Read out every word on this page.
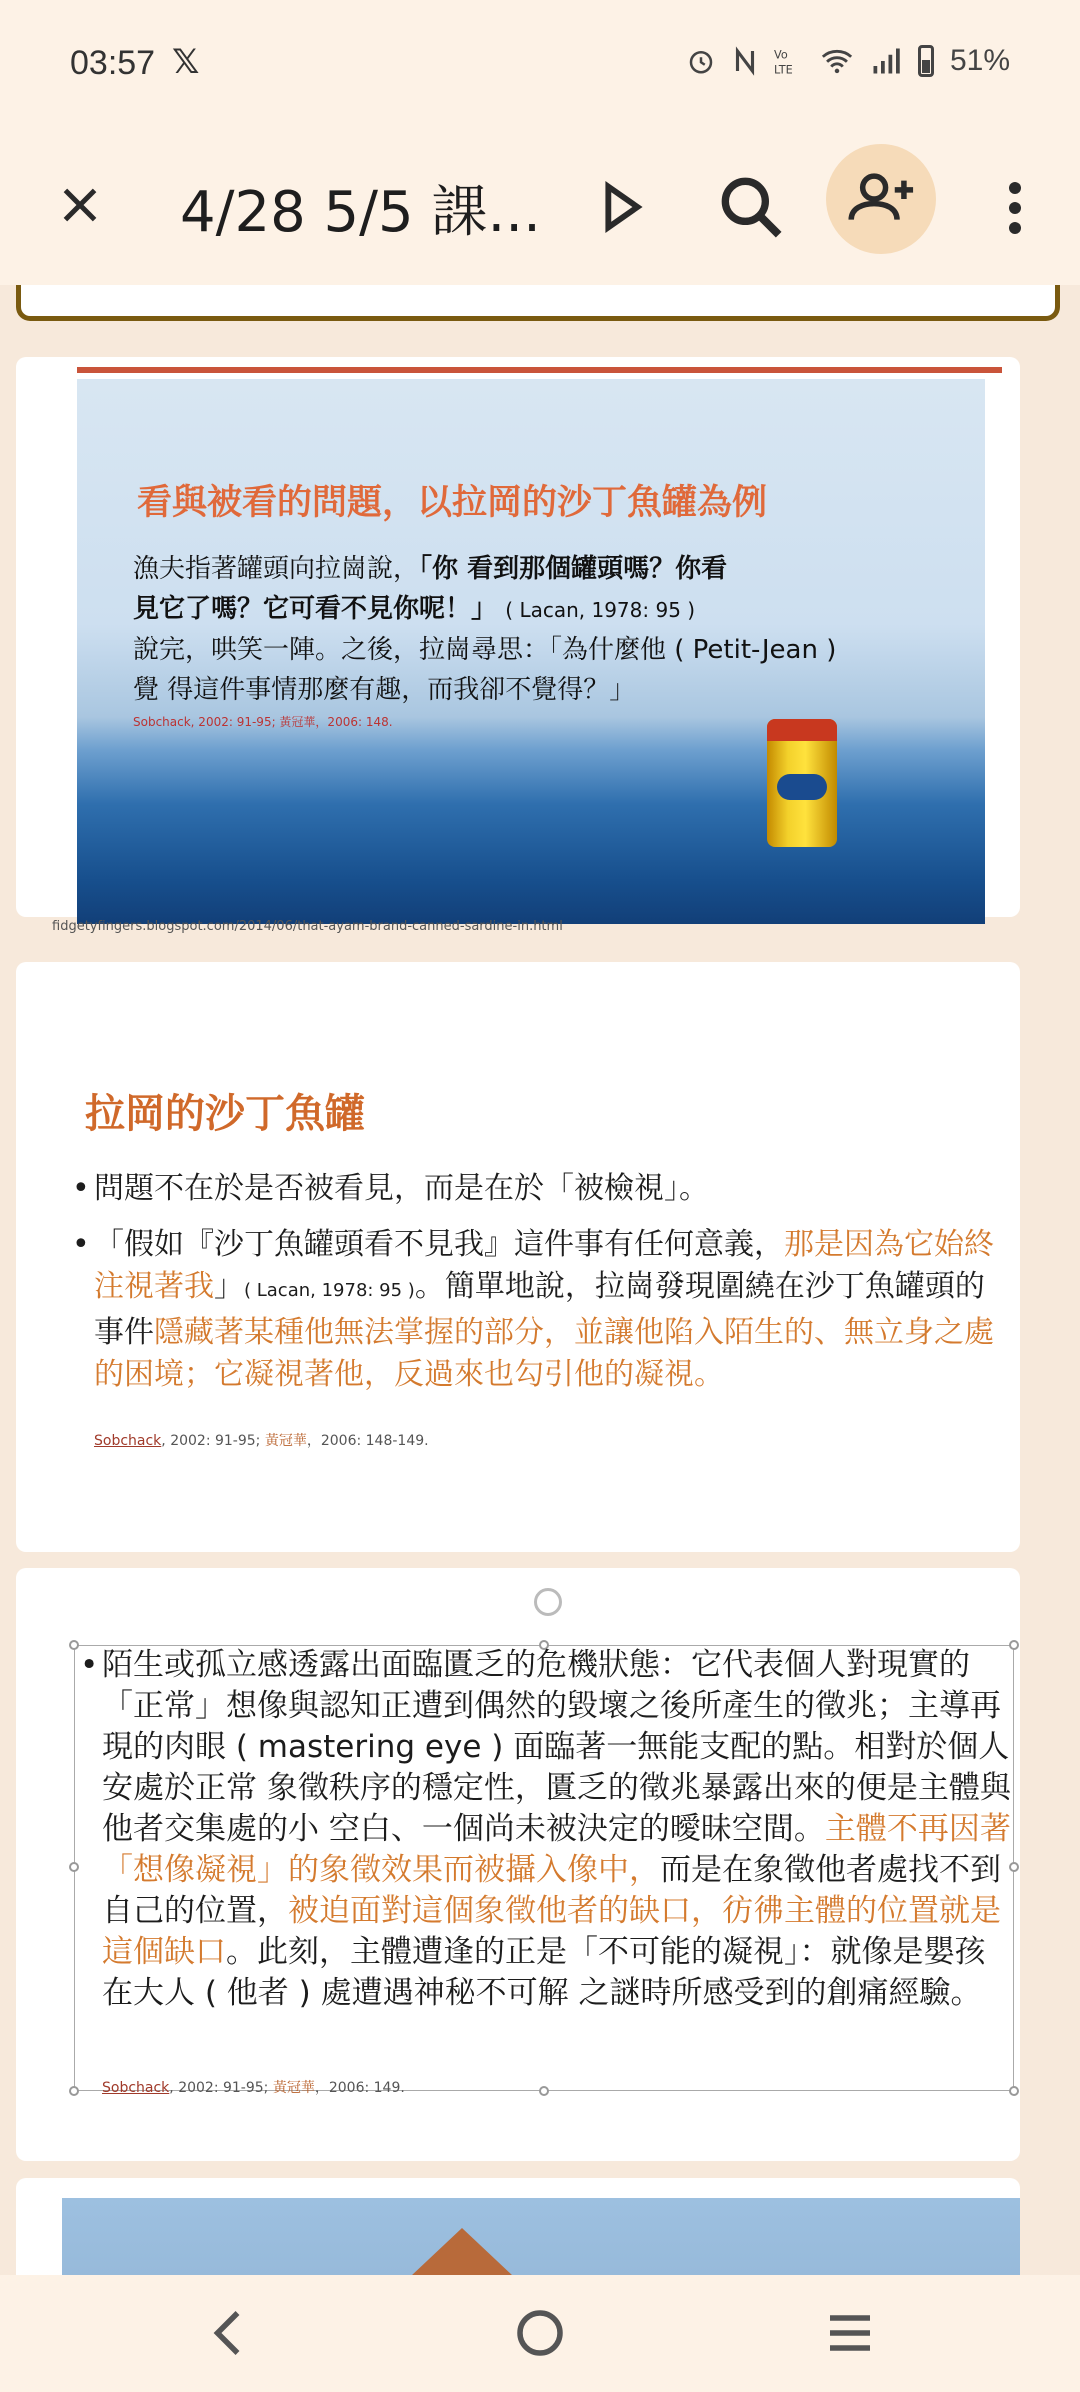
03:57 𝕏	Vo
LTE	51%
4/28 5/5 課...
看與被看的問題，以拉岡的沙丁魚罐為例
漁夫指著罐頭向拉崗說，「你 看到那個罐頭嗎？你看
見它了嗎？它可看不見你呢！」 ( Lacan, 1978: 95 )
說完，哄笑一陣。之後，拉崗尋思：「為什麼他 ( Petit-Jean )
覺 得這件事情那麼有趣，而我卻不覺得？」
Sobchack, 2002: 91-95; 黃冠華，2006: 148.
fidgetyfingers.blogspot.com/2014/06/that-ayam-brand-canned-sardine-in.html
拉岡的沙丁魚罐
• 問題不在於是否被看見，而是在於「被檢視」。
• 「假如『沙丁魚罐頭看不見我』這件事有任何意義，那是因為它始終注視著我」( Lacan, 1978: 95 )。簡單地說，拉崗發現圍繞在沙丁魚罐頭的事件隱藏著某種他無法掌握的部分，並讓他陷入陌生的、無立身之處的困境；它凝視著他，反過來也勾引他的凝視。
Sobchack, 2002: 91-95; 黃冠華，2006: 148-149.
• 陌生或孤立感透露出面臨匱乏的危機狀態：它代表個人對現實的「正常」想像與認知正遭到偶然的毀壞之後所產生的徵兆；主導再現的肉眼 ( mastering eye ) 面臨著一無能支配的點。相對於個人安處於正常 象徵秩序的穩定性，匱乏的徵兆暴露出來的便是主體與他者交集處的小 空白、一個尚未被決定的曖昧空間。主體不再因著「想像凝視」的象徵效果而被攝入像中，而是在象徵他者處找不到自己的位置，被迫面對這個象徵他者的缺口，彷彿主體的位置就是這個缺口。此刻，主體遭逢的正是「不可能的凝視」：就像是嬰孩在大人 ( 他者 ) 處遭遇神秘不可解 之謎時所感受到的創痛經驗。
Sobchack, 2002: 91-95; 黃冠華，2006: 149.
